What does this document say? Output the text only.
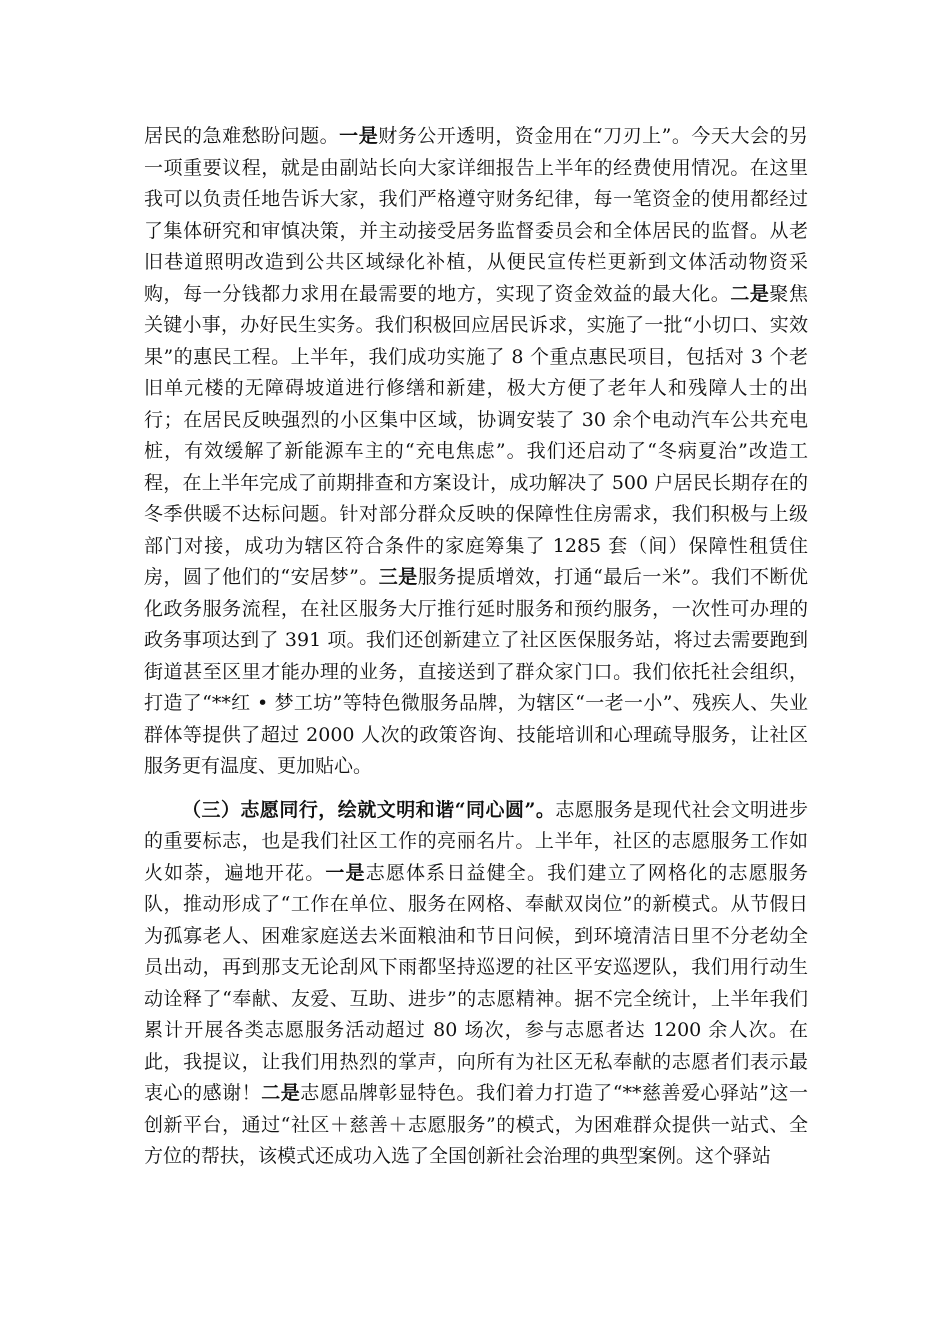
居民的急难愁盼问题。一是财务公开透明，资金用在“刀刃上”。今天大会的另一项重要议程，就是由副站长向大家详细报告上半年的经费使用情况。在这里我可以负责任地告诉大家，我们严格遵守财务纪律，每一笔资金的使用都经过了集体研究和审慎决策，并主动接受居务监督委员会和全体居民的监督。从老旧巷道照明改造到公共区域绿化补植，从便民宣传栏更新到文体活动物资采购，每一分钱都力求用在最需要的地方，实现了资金效益的最大化。二是聚焦关键小事，办好民生实务。我们积极回应居民诉求，实施了一批“小切口、实效果”的惠民工程。上半年，我们成功实施了 8 个重点惠民项目，包括对 3 个老旧单元楼的无障碍坡道进行修缮和新建，极大方便了老年人和残障人士的出行；在居民反映强烈的小区集中区域，协调安装了 30 余个电动汽车公共充电桩，有效缓解了新能源车主的“充电焦虑”。我们还启动了“冬病夏治”改造工程，在上半年完成了前期排查和方案设计，成功解决了 500 户居民长期存在的冬季供暖不达标问题。针对部分群众反映的保障性住房需求，我们积极与上级部门对接，成功为辖区符合条件的家庭筹集了 1285 套（间）保障性租赁住房，圆了他们的“安居梦”。三是服务提质增效，打通“最后一米”。我们不断优化政务服务流程，在社区服务大厅推行延时服务和预约服务，一次性可办理的政务事项达到了 391 项。我们还创新建立了社区医保服务站，将过去需要跑到街道甚至区里才能办理的业务，直接送到了群众家门口。我们依托社会组织，打造了“**红 • 梦工坊”等特色微服务品牌，为辖区“一老一小”、残疾人、失业群体等提供了超过 2000 人次的政策咨询、技能培训和心理疏导服务，让社区服务更有温度、更加贴心。

（三）志愿同行，绘就文明和谐“同心圆”。志愿服务是现代社会文明进步的重要标志，也是我们社区工作的亮丽名片。上半年，社区的志愿服务工作如火如荼，遍地开花。一是志愿体系日益健全。我们建立了网格化的志愿服务队，推动形成了“工作在单位、服务在网格、奉献双岗位”的新模式。从节假日为孤寡老人、困难家庭送去米面粮油和节日问候，到环境清洁日里不分老幼全员出动，再到那支无论刮风下雨都坚持巡逻的社区平安巡逻队，我们用行动生动诠释了“奉献、友爱、互助、进步”的志愿精神。据不完全统计，上半年我们累计开展各类志愿服务活动超过 80 场次，参与志愿者达 1200 余人次。在此，我提议，让我们用热烈的掌声，向所有为社区无私奉献的志愿者们表示最衷心的感谢！二是志愿品牌彰显特色。我们着力打造了“**慈善爱心驿站”这一创新平台，通过“社区＋慈善＋志愿服务”的模式，为困难群众提供一站式、全方位的帮扶，该模式还成功入选了全国创新社会治理的典型案例。这个驿站
